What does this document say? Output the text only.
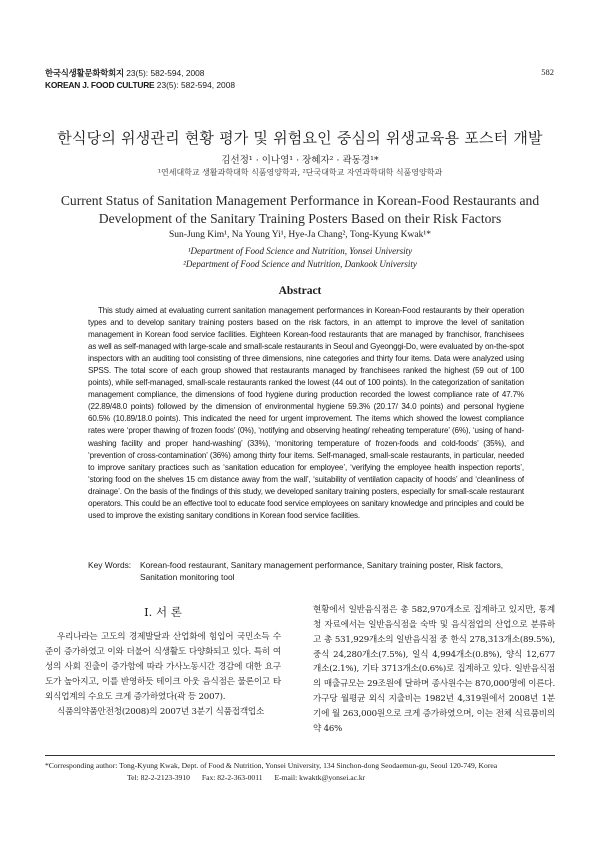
한국식생활문화학회지 23(5): 582-594, 2008
KOREAN J. FOOD CULTURE 23(5): 582-594, 2008
582
한식당의 위생관리 현황 평가 및 위험요인 중심의 위생교육용 포스터 개발
김선정¹ · 이나영¹ · 장혜자² · 곽동경¹*
¹연세대학교 생활과학대학 식품영양학과, ²단국대학교 자연과학대학 식품영양학과
Current Status of Sanitation Management Performance in Korean-Food Restaurants and
Development of the Sanitary Training Posters Based on their Risk Factors
Sun-Jung Kim¹, Na Young Yi¹, Hye-Ja Chang², Tong-Kyung Kwak¹*
¹Department of Food Science and Nutrition, Yonsei University
²Department of Food Science and Nutrition, Dankook University
Abstract
This study aimed at evaluating current sanitation management performances in Korean-Food restaurants by their operation types and to develop sanitary training posters based on the risk factors, in an attempt to improve the level of sanitation management in Korean food service facilities. Eighteen Korean-food restaurants that are managed by franchisor, franchisees as well as self-managed with large-scale and small-scale restaurants in Seoul and Gyeonggi-Do, were evaluated by on-the-spot inspectors with an auditing tool consisting of three dimensions, nine categories and thirty four items. Data were analyzed using SPSS. The total score of each group showed that restaurants managed by franchisees ranked the highest (59 out of 100 points), while self-managed, small-scale restaurants ranked the lowest (44 out of 100 points). In the categorization of sanitation management compliance, the dimensions of food hygiene during production recorded the lowest compliance rate of 47.7% (22.89/48.0 points) followed by the dimension of environmental hygiene 59.3% (20.17/ 34.0 points) and personal hygiene 60.5% (10.89/18.0 points). This indicated the need for urgent improvement. The items which showed the lowest compliance rates were ‘proper thawing of frozen foods’ (0%), ‘notifying and observing heating/ reheating temperature’ (6%), ‘using of hand-washing facility and proper hand-washing’ (33%), ‘monitoring temperature of frozen-foods and cold-foods’ (35%), and ‘prevention of cross-contamination’ (36%) among thirty four items. Self-managed, small-scale restaurants, in particular, needed to improve sanitary practices such as ‘sanitation education for employee’, ‘verifying the employee health inspection reports’, ‘storing food on the shelves 15 cm distance away from the wall’, ‘suitability of ventilation capacity of hoods’ and ‘cleanliness of drainage’. On the basis of the findings of this study, we developed sanitary training posters, especially for small-scale restaurant operators. This could be an effective tool to educate food service employees on sanitary knowledge and principles and could be used to improve the existing sanitary conditions in Korean food service facilities.
Key Words: Korean-food restaurant, Sanitary management performance, Sanitary training poster, Risk factors, Sanitation monitoring tool
I. 서 론

우리나라는 고도의 경제발달과 산업화에 힘입어 국민소득 수준이 증가하였고 이와 더불어 식생활도 다양화되고 있다. 특히 여성의 사회 진출이 증가함에 따라 가사노동시간 경감에 대한 요구도가 높아지고, 이를 반영하듯 테이크 아웃 음식점은 물론이고 타 외식업계의 수요도 크게 증가하였다(곽 등 2007).

식품의약품안전청(2008)의 2007년 3분기 식품접객업소

현황에서 일반음식점은 총 582,970개소로 집계하고 있지만, 통계청 자료에서는 일반음식점을 숙박 및 음식점업의 산업으로 분류하고 총 531,929개소의 일반음식점 중 한식 278,313개소(89.5%), 중식 24,280개소(7.5%), 일식 4,994개소(0.8%), 양식 12,677개소(2.1%), 기타 3713개소(0.6%)로 집계하고 있다. 일반음식점의 매출규모는 29조원에 달하며 종사원수는 870,000명에 이른다. 가구당 월평균 외식 지출비는 1982년 4,319원에서 2008년 1분기에 월 263,000원으로 크게 증가하였으며, 이는 전체 식료품비의 약 46%

*Corresponding author: Tong-Kyung Kwak, Dept. of Food & Nutrition, Yonsei University, 134 Sinchon-dong Seodaemun-gu, Seoul 120-749, Korea
Tel: 82-2-2123-3910 Fax: 82-2-363-0011 E-mail: kwaktk@yonsei.ac.kr
